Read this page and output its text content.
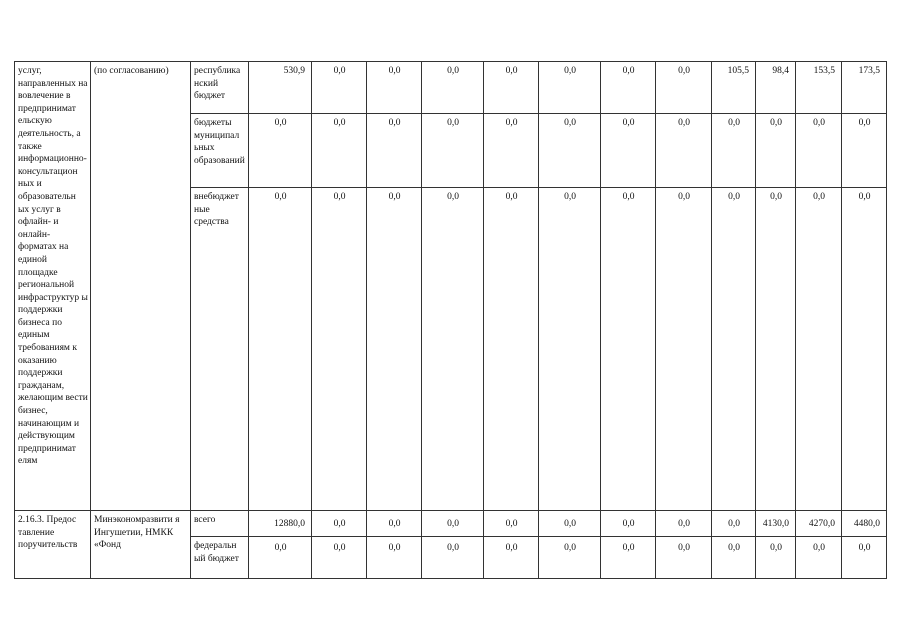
услуг, направленных на вовлечение в предпринимат ельскую деятельность, а также информационно-консультацион ных и образовательн ых услуг в офлайн- и онлайн-форматах на единой площадке региональной инфраструктур ы поддержки бизнеса по единым требованиям к оказанию поддержки гражданам, желающим вести бизнес, начинающим и действующим предпринимат елям	(по согласованию)	республика нский бюджет	530,9	0,0	0,0	0,0	0,0	0,0	0,0	0,0	105,5	98,4	153,5	173,5
		бюджеты муниципал ьных образований	0,0	0,0	0,0	0,0	0,0	0,0	0,0	0,0	0,0	0,0	0,0	0,0
		внебюджет ные средства	0,0	0,0	0,0	0,0	0,0	0,0	0,0	0,0	0,0	0,0	0,0	0,0
2.16.3. Предос тавление поручительств	Минэкономразвити я Ингушетии, НМКК «Фонд	всего	12880,0	0,0	0,0	0,0	0,0	0,0	0,0	0,0	0,0	4130,0	4270,0	4480,0
		федеральн ый бюджет	0,0	0,0	0,0	0,0	0,0	0,0	0,0	0,0	0,0	0,0	0,0	0,0
